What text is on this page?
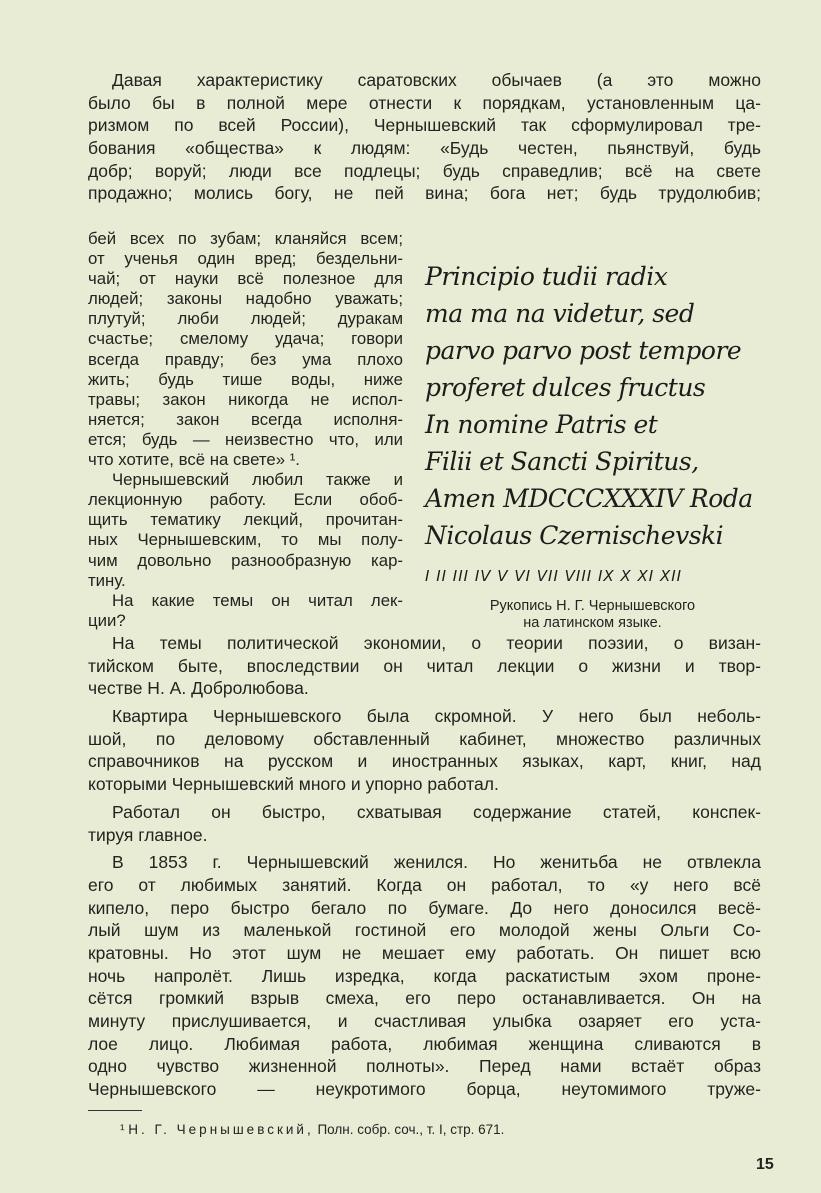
Давая характеристику саратовских обычаев (а это можно
было бы в полной мере отнести к порядкам, установленным ца-
ризмом по всей России), Чернышевский так сформулировал тре-
бования «общества» к людям: «Будь честен, пьянствуй, будь
добр; воруй; люди все подлецы; будь справедлив; всё на свете
продажно; молись богу, не пей вина; бога нет; будь трудолюбив;
бей всех по зубам; кланяйся всем;
от ученья один вред; бездельни-
чай; от науки всё полезное для
людей; законы надобно уважать;
плутуй; люби людей; дуракам
счастье; смелому удача; говори
всегда правду; без ума плохо
жить; будь тише воды, ниже
травы; закон никогда не испол-
няется; закон всегда исполня-
ется; будь — неизвестно что, или
что хотите, всё на свете» ¹.
Чернышевский любил также и
лекционную работу. Если обоб-
щить тематику лекций, прочитан-
ных Чернышевским, то мы полу-
чим довольно разнообразную кар-
тину.
На какие темы он читал лек-
ции?
Principio tudii radix
ma ma na videtur, sed
parvo parvo post tempore
proferet dulces fructus
In nomine Patris et
Filii et Sancti Spiritus,
Amen MDCCCXXXIV Roda
Nicolaus Czernischevski
I II III IV V VI VII VIII IX X XI XII
Рукопись Н. Г. Чернышевского
на латинском языке.
На темы политической экономии, о теории поэзии, о визан-
тийском быте, впоследствии он читал лекции о жизни и твор-
честве Н. А. Добролюбова.
Квартира Чернышевского была скромной. У него был неболь-
шой, по деловому обставленный кабинет, множество различных
справочников на русском и иностранных языках, карт, книг, над
которыми Чернышевский много и упорно работал.
Работал он быстро, схватывая содержание статей, конспек-
тируя главное.
В 1853 г. Чернышевский женился. Но женитьба не отвлекла
его от любимых занятий. Когда он работал, то «у него всё
кипело, перо быстро бегало по бумаге. До него доносился весё-
лый шум из маленькой гостиной его молодой жены Ольги Со-
кратовны. Но этот шум не мешает ему работать. Он пишет всю
ночь напролёт. Лишь изредка, когда раскатистым эхом проне-
сётся громкий взрыв смеха, его перо останавливается. Он на
минуту прислушивается, и счастливая улыбка озаряет его уста-
лое лицо. Любимая работа, любимая женщина сливаются в
одно чувство жизненной полноты». Перед нами встаёт образ
Чернышевского — неукротимого борца, неутомимого труже-
¹ Н. Г. Чернышевский, Полн. собр. соч., т. I, стр. 671.
15
